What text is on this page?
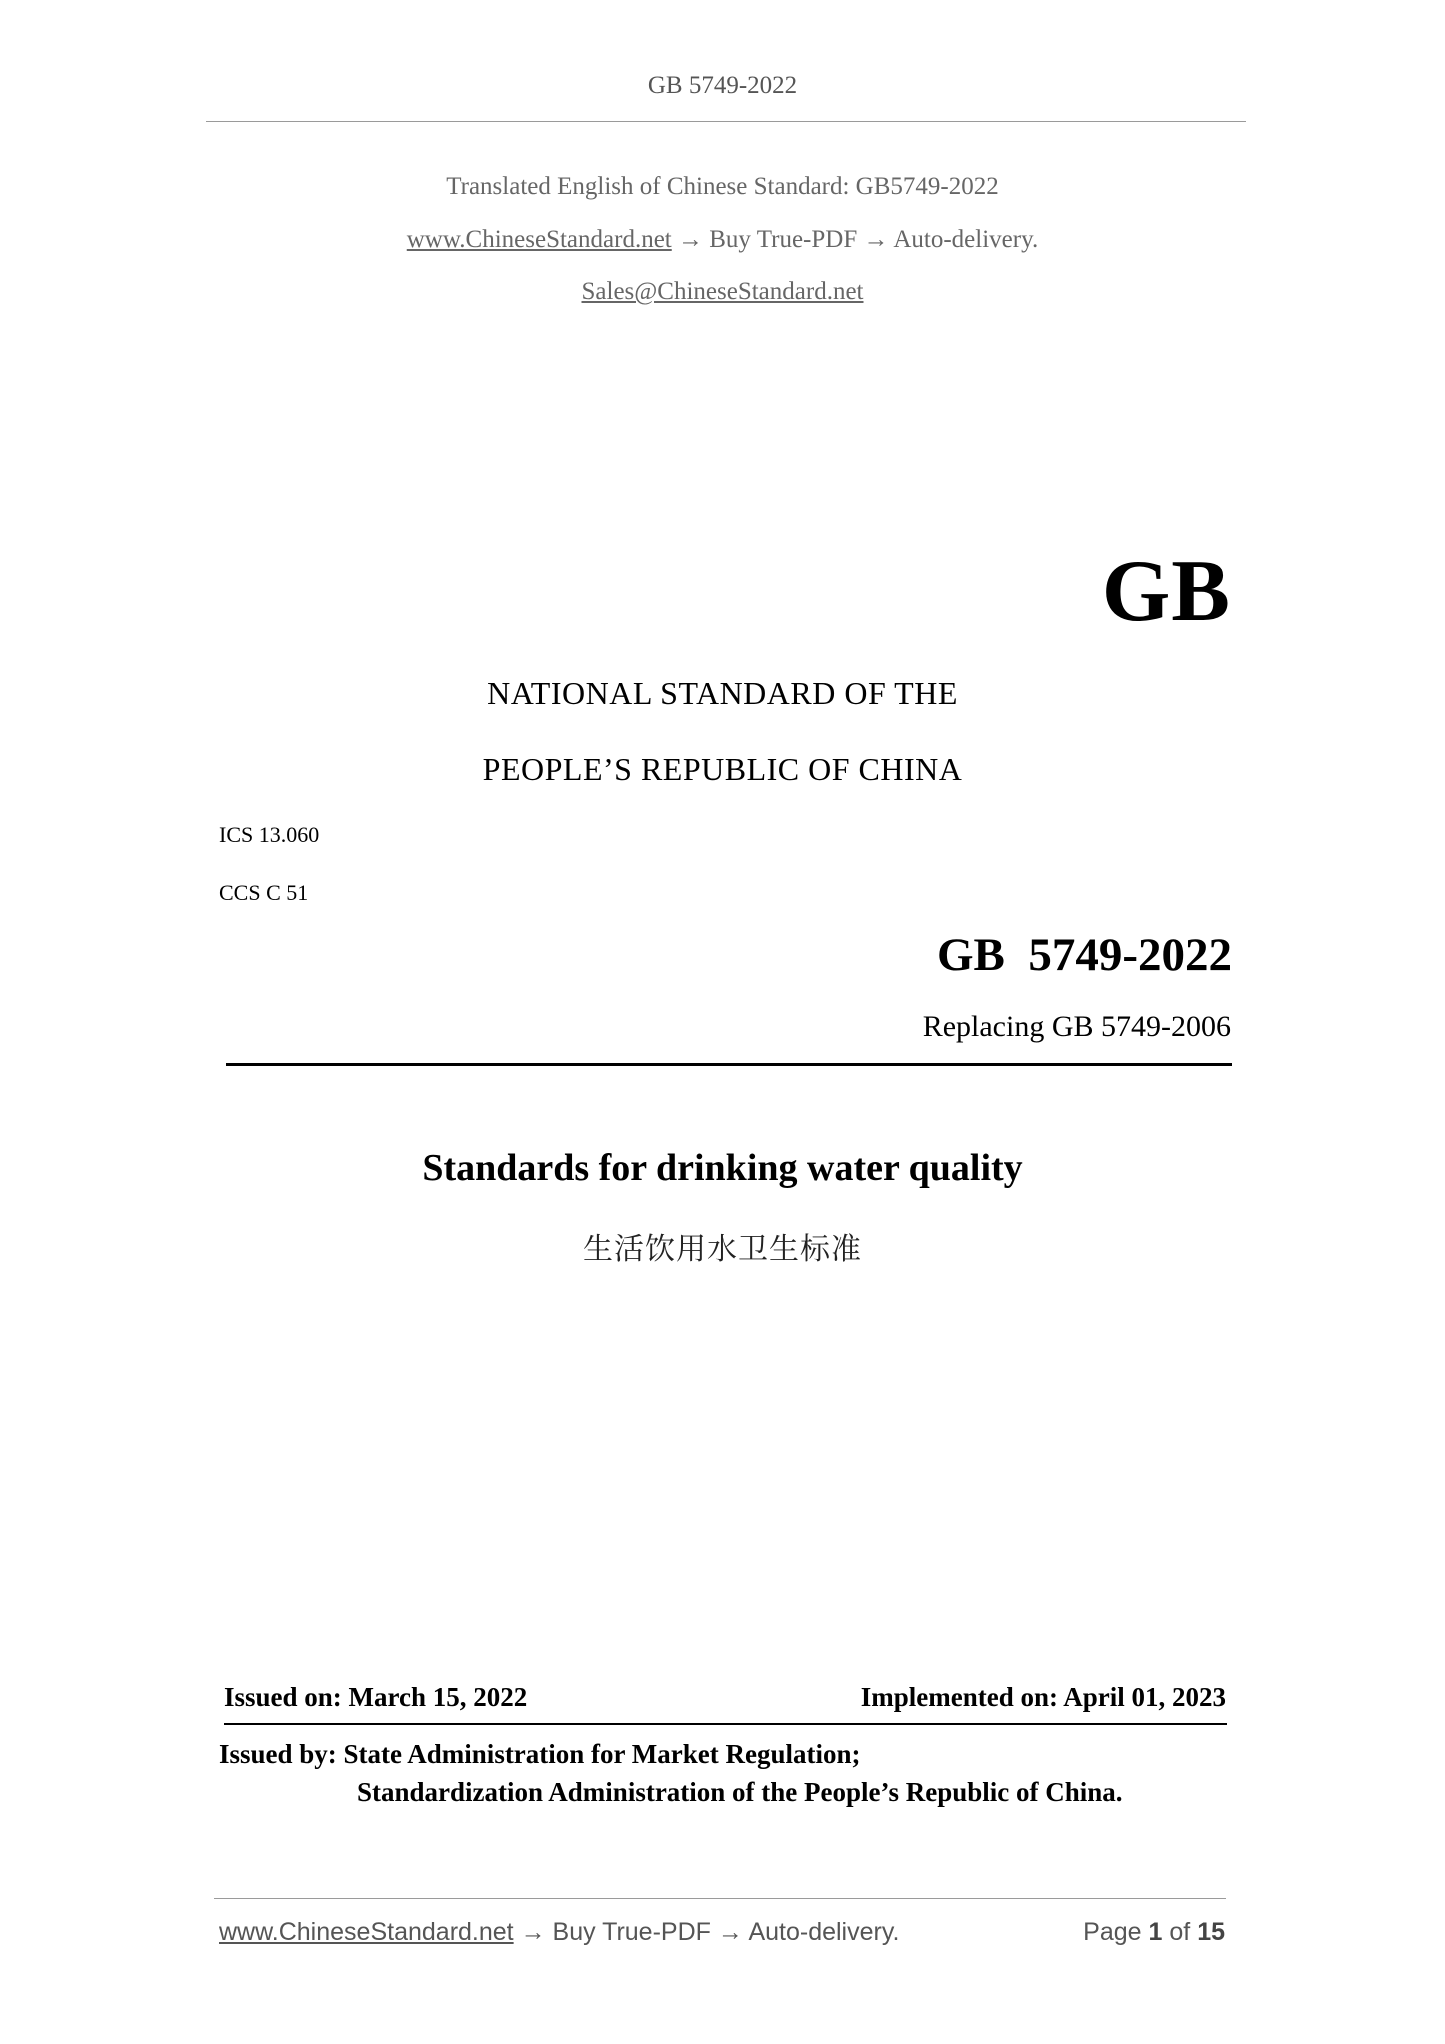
GB 5749-2022
Translated English of Chinese Standard: GB5749-2022
www.ChineseStandard.net → Buy True-PDF → Auto-delivery.
Sales@ChineseStandard.net
GB
NATIONAL STANDARD OF THE
PEOPLE’S REPUBLIC OF CHINA
ICS 13.060
CCS C 51
GB  5749-2022
Replacing GB 5749-2006
Standards for drinking water quality
生活饮用水卫生标准
Issued on: March 15, 2022	Implemented on: April 01, 2023
Issued by: State Administration for Market Regulation;
Standardization Administration of the People’s Republic of China.
www.ChineseStandard.net → Buy True-PDF → Auto-delivery.	Page 1 of 15
